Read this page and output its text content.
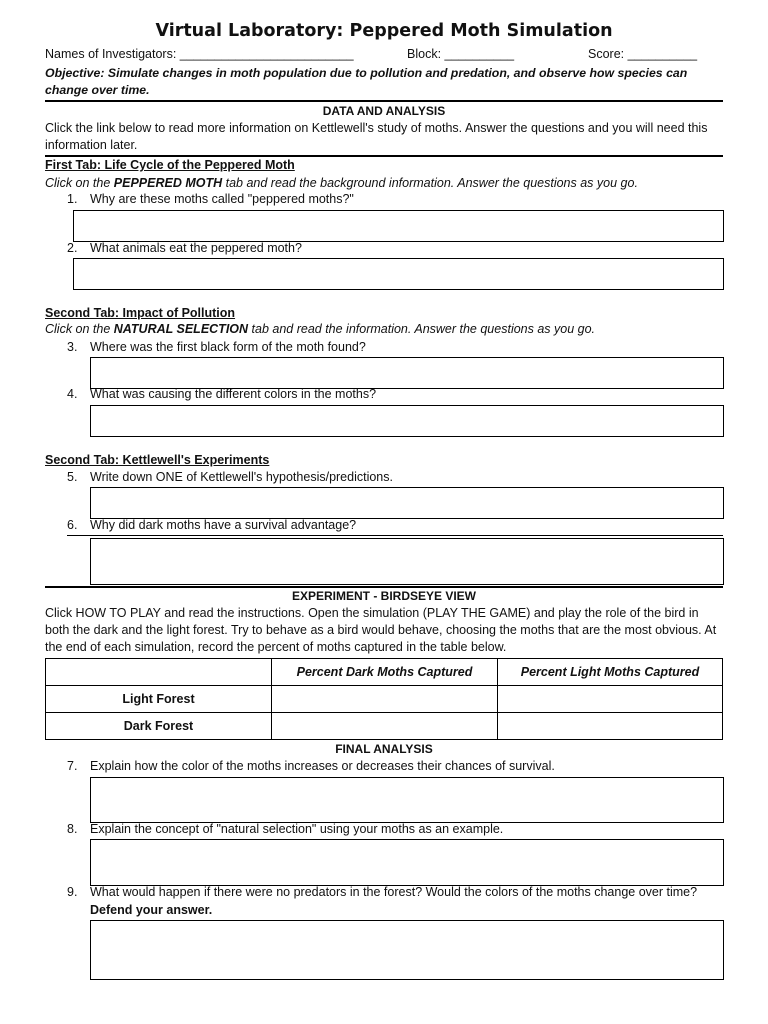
Virtual Laboratory: Peppered Moth Simulation
Names of Investigators: _________________________	Block: __________	Score: __________
Objective: Simulate changes in moth population due to pollution and predation, and observe how species can
change over time.
DATA AND ANALYSIS
Click the link below to read more information on Kettlewell's study of moths. Answer the questions and you will need this
information later.
First Tab: Life Cycle of the Peppered Moth
Click on the PEPPERED MOTH tab and read the background information. Answer the questions as you go.
1. Why are these moths called "peppered moths?"
2. What animals eat the peppered moth?
Second Tab: Impact of Pollution
Click on the NATURAL SELECTION tab and read the information. Answer the questions as you go.
3. Where was the first black form of the moth found?
4. What was causing the different colors in the moths?
Second Tab: Kettlewell's Experiments
5. Write down ONE of Kettlewell's hypothesis/predictions.
6. Why did dark moths have a survival advantage?
EXPERIMENT - BIRDSEYE VIEW
Click HOW TO PLAY and read the instructions. Open the simulation (PLAY THE GAME) and play the role of the bird in
both the dark and the light forest. Try to behave as a bird would behave, choosing the moths that are the most obvious. At
the end of each simulation, record the percent of moths captured in the table below.
	Percent Dark Moths Captured	Percent Light Moths Captured
Light Forest		
Dark Forest		
FINAL ANALYSIS
7. Explain how the color of the moths increases or decreases their chances of survival.
8. Explain the concept of "natural selection" using your moths as an example.
9. What would happen if there were no predators in the forest? Would the colors of the moths change over time?
Defend your answer.
